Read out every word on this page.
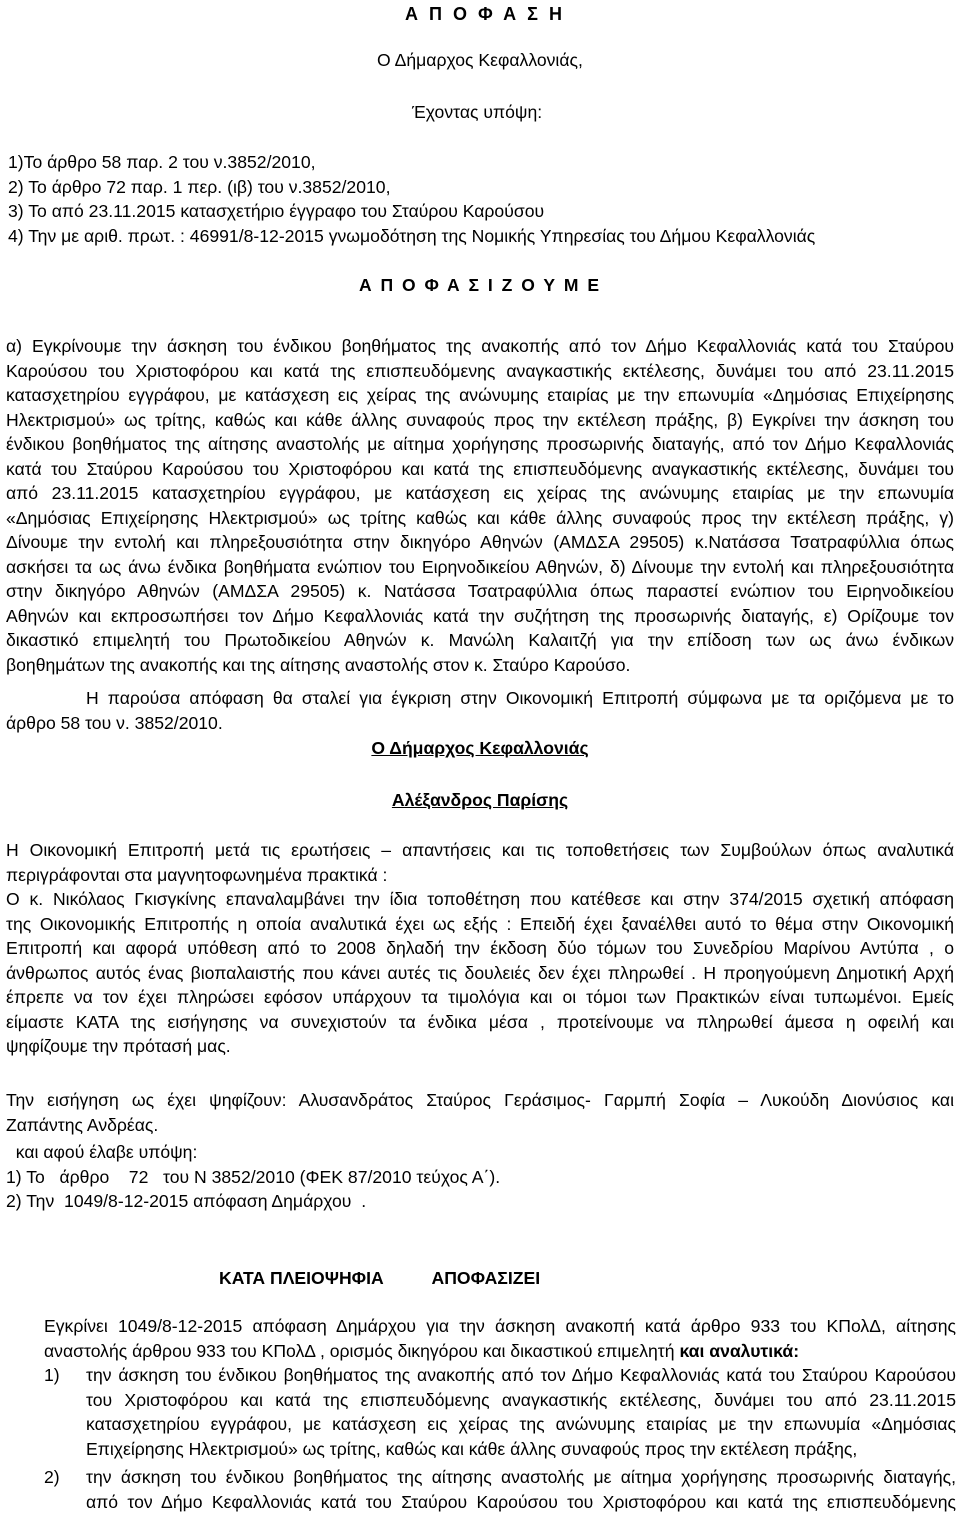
Α Π Ο Φ Α Σ Η
Ο Δήμαρχος Κεφαλλονιάς,
Έχοντας υπόψη:
1)Το άρθρο 58 παρ. 2 του ν.3852/2010,
2) Το άρθρο 72 παρ. 1 περ. (ιβ) του ν.3852/2010,
3) Το από 23.11.2015 κατασχετήριο έγγραφο του Σταύρου Καρούσου
4) Την με αριθ. πρωτ. : 46991/8-12-2015 γνωμοδότηση της Νομικής Υπηρεσίας του Δήμου Κεφαλλονιάς
Α Π Ο Φ Α Σ Ι Ζ Ο Υ Μ Ε
α) Εγκρίνουμε την άσκηση του ένδικου βοηθήματος της ανακοπής από τον Δήμο Κεφαλλονιάς κατά του Σταύρου
Καρούσου του Χριστοφόρου και κατά της επισπευδόμενης αναγκαστικής εκτέλεσης, δυνάμει του από 23.11.2015
κατασχετηρίου εγγράφου, με κατάσχεση εις χείρας της ανώνυμης εταιρίας με την επωνυμία «Δημόσιας Επιχείρησης
Ηλεκτρισμού» ως τρίτης, καθώς και κάθε άλλης συναφούς προς την εκτέλεση πράξης, β) Εγκρίνει την άσκηση του
ένδικου βοηθήματος της αίτησης αναστολής με αίτημα χορήγησης προσωρινής διαταγής, από τον Δήμο Κεφαλλονιάς
κατά του Σταύρου Καρούσου του Χριστοφόρου και κατά της επισπευδόμενης αναγκαστικής εκτέλεσης, δυνάμει του
από 23.11.2015 κατασχετηρίου εγγράφου, με κατάσχεση εις χείρας της ανώνυμης εταιρίας με την επωνυμία
«Δημόσιας Επιχείρησης Ηλεκτρισμού» ως τρίτης καθώς και κάθε άλλης συναφούς προς την εκτέλεση πράξης, γ)
Δίνουμε την εντολή και πληρεξουσιότητα στην δικηγόρο Αθηνών (ΑΜΔΣΑ 29505) κ.Νατάσσα Τσατραφύλλια όπως
ασκήσει τα ως άνω ένδικα βοηθήματα ενώπιον του Ειρηνοδικείου Αθηνών, δ) Δίνουμε την εντολή και πληρεξουσιότητα
στην δικηγόρο Αθηνών (ΑΜΔΣΑ 29505) κ. Νατάσσα Τσατραφύλλια όπως παραστεί ενώπιον του Ειρηνοδικείου
Αθηνών και εκπροσωπήσει τον Δήμο Κεφαλλονιάς κατά την συζήτηση της προσωρινής διαταγής, ε) Ορίζουμε τον
δικαστικό επιμελητή του Πρωτοδικείου Αθηνών κ. Μανώλη Καλαιτζή για την επίδοση των ως άνω ένδικων
βοηθημάτων της ανακοπής και της αίτησης αναστολής στον κ. Σταύρο Καρούσο.
Η παρούσα απόφαση θα σταλεί για έγκριση στην Οικονομική Επιτροπή σύμφωνα με τα οριζόμενα με το
άρθρο 58 του ν. 3852/2010.
Ο Δήμαρχος Κεφαλλονιάς
Αλέξανδρος Παρίσης
Η Οικονομική Επιτροπή μετά τις ερωτήσεις – απαντήσεις και τις τοποθετήσεις των Συμβούλων όπως αναλυτικά
περιγράφονται στα μαγνητοφωνημένα πρακτικά :
Ο κ. Νικόλαος Γκισγκίνης επαναλαμβάνει την ίδια τοποθέτηση που κατέθεσε και στην 374/2015 σχετική απόφαση
της Οικονομικής Επιτροπής η οποία αναλυτικά έχει ως εξής : Επειδή έχει ξαναέλθει αυτό το θέμα στην Οικονομική
Επιτροπή και αφορά υπόθεση από το 2008 δηλαδή την έκδοση δύο τόμων του Συνεδρίου Μαρίνου Αντύπα , ο
άνθρωπος αυτός ένας βιοπαλαιστής που κάνει αυτές τις δουλειές δεν έχει πληρωθεί . Η προηγούμενη Δημοτική Αρχή
έπρεπε να τον έχει πληρώσει εφόσον υπάρχουν τα τιμολόγια και οι τόμοι των Πρακτικών είναι τυπωμένοι. Εμείς
είμαστε ΚΑΤΑ της εισήγησης να συνεχιστούν τα ένδικα μέσα , προτείνουμε να πληρωθεί άμεσα η οφειλή και
ψηφίζουμε την πρότασή μας.
Την εισήγηση ως έχει ψηφίζουν: Αλυσανδράτος Σταύρος Γεράσιμος- Γαρμπή Σοφία – Λυκούδη Διονύσιος και
Ζαπάντης Ανδρέας.
και αφού έλαβε υπόψη:
1) Το   άρθρο    72   του Ν 3852/2010 (ΦΕΚ 87/2010 τεύχος Α΄).
2) Την  1049/8-12-2015 απόφαση Δημάρχου  .
ΚΑΤΑ ΠΛΕΙΟΨΗΦΙΑ	ΑΠΟΦΑΣΙΖΕΙ
Εγκρίνει 1049/8-12-2015 απόφαση Δημάρχου για την άσκηση ανακοπή κατά άρθρο 933 του ΚΠολΔ, αίτησης
αναστολής άρθρου 933 του ΚΠολΔ , ορισμός δικηγόρου και δικαστικού επιμελητή και αναλυτικά:
1)	την άσκηση του ένδικου βοηθήματος της ανακοπής από τον Δήμο Κεφαλλονιάς κατά του Σταύρου Καρούσου
του Χριστοφόρου και κατά της επισπευδόμενης αναγκαστικής εκτέλεσης, δυνάμει του από 23.11.2015
κατασχετηρίου εγγράφου, με κατάσχεση εις χείρας της ανώνυμης εταιρίας με την επωνυμία «Δημόσιας
Επιχείρησης Ηλεκτρισμού» ως τρίτης, καθώς και κάθε άλλης συναφούς προς την εκτέλεση πράξης,
2)	την άσκηση του ένδικου βοηθήματος της αίτησης αναστολής με αίτημα χορήγησης προσωρινής διαταγής,
από τον Δήμο Κεφαλλονιάς κατά του Σταύρου Καρούσου του Χριστοφόρου και κατά της επισπευδόμενης
